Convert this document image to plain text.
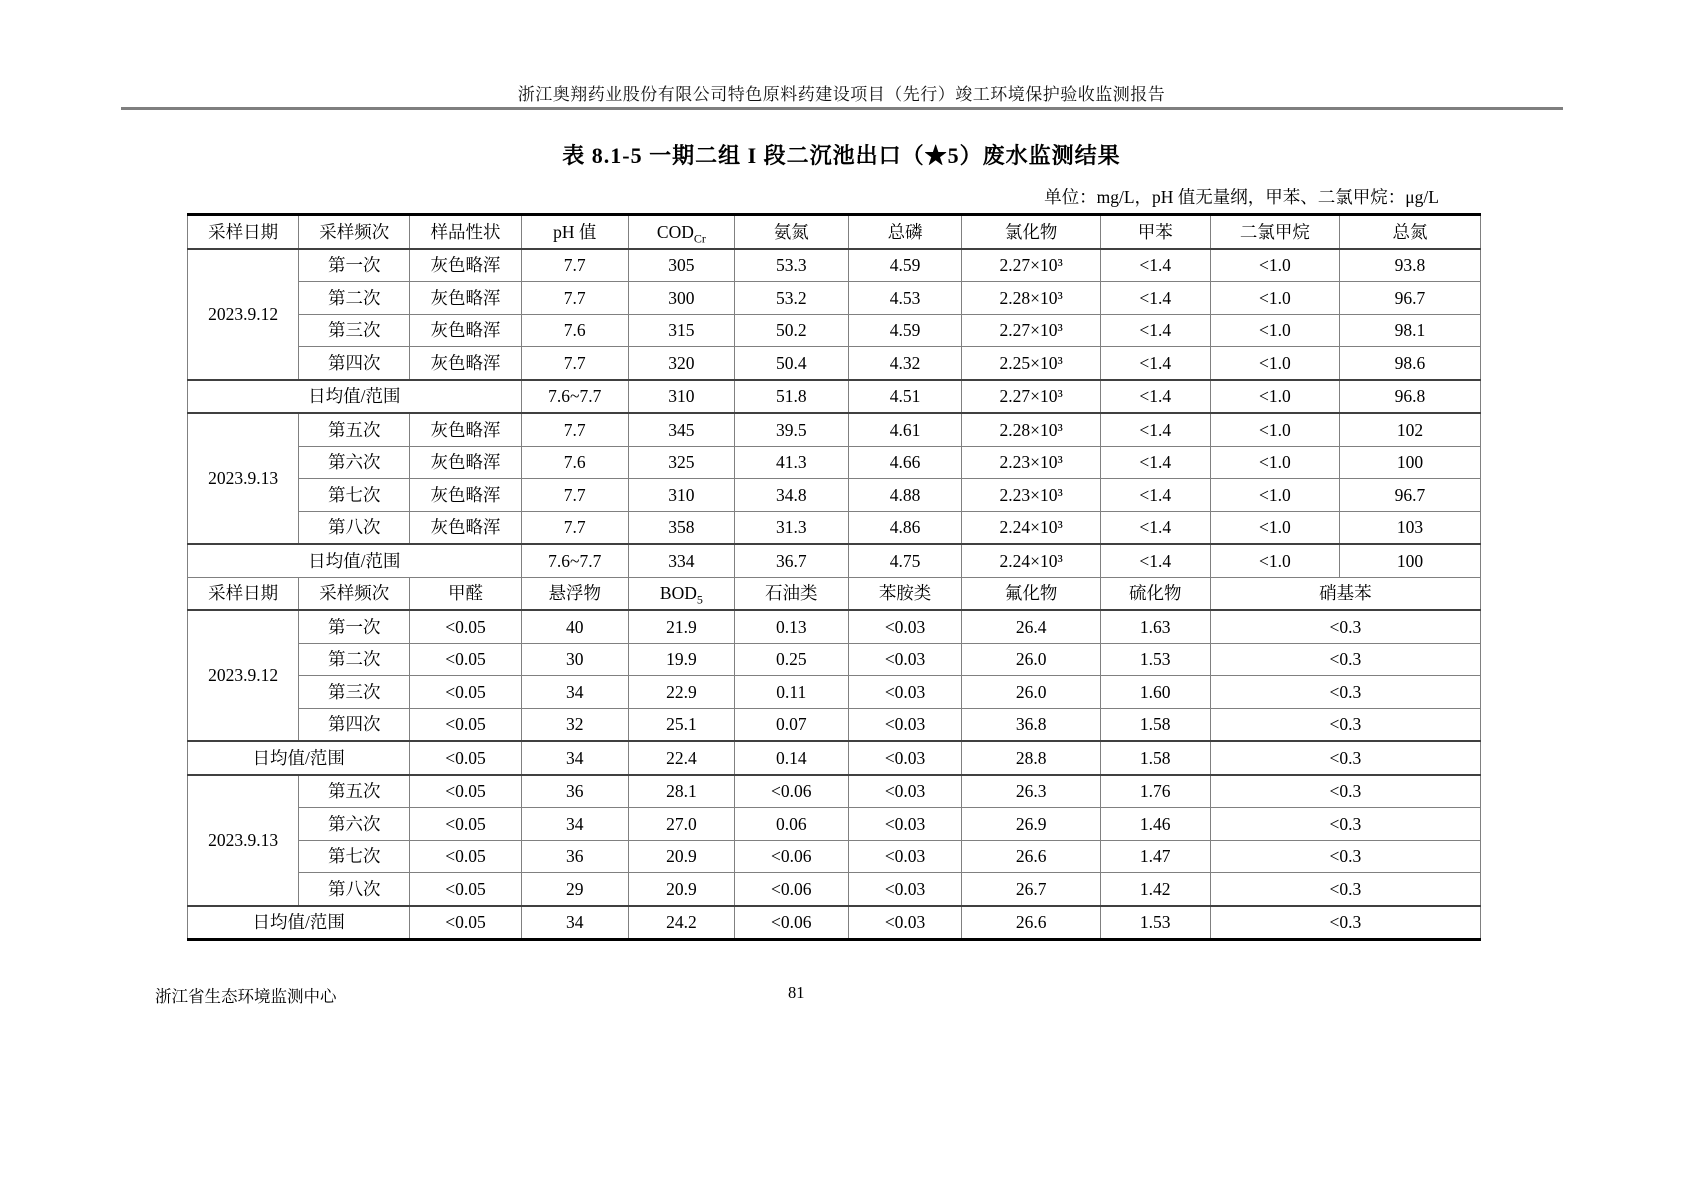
浙江奥翔药业股份有限公司特色原料药建设项目（先行）竣工环境保护验收监测报告
表 8.1-5 一期二组 I 段二沉池出口（★5）废水监测结果
单位：mg/L，pH 值无量纲，甲苯、二氯甲烷：μg/L
采样日期	采样频次	样品性状	pH 值	$COD_{Cr}$	氨氮	总磷	氯化物	甲苯	二氯甲烷	总氮
2023.9.12	第一次	灰色略浑	7.7	305	53.3	4.59	2.27×10³	<1.4	<1.0	93.8
	第二次	灰色略浑	7.7	300	53.2	4.53	2.28×10³	<1.4	<1.0	96.7
	第三次	灰色略浑	7.6	315	50.2	4.59	2.27×10³	<1.4	<1.0	98.1
	第四次	灰色略浑	7.7	320	50.4	4.32	2.25×10³	<1.4	<1.0	98.6
日均值/范围			7.6~7.7	310	51.8	4.51	2.27×10³	<1.4	<1.0	96.8
2023.9.13	第五次	灰色略浑	7.7	345	39.5	4.61	2.28×10³	<1.4	<1.0	102
	第六次	灰色略浑	7.6	325	41.3	4.66	2.23×10³	<1.4	<1.0	100
	第七次	灰色略浑	7.7	310	34.8	4.88	2.23×10³	<1.4	<1.0	96.7
	第八次	灰色略浑	7.7	358	31.3	4.86	2.24×10³	<1.4	<1.0	103
日均值/范围			7.6~7.7	334	36.7	4.75	2.24×10³	<1.4	<1.0	100
采样日期	采样频次	甲醛	悬浮物	$BOD_5$	石油类	苯胺类	氟化物	硫化物	硝基苯
2023.9.12	第一次	<0.05	40	21.9	0.13	<0.03	26.4	1.63	<0.3
	第二次	<0.05	30	19.9	0.25	<0.03	26.0	1.53	<0.3
	第三次	<0.05	34	22.9	0.11	<0.03	26.0	1.60	<0.3
	第四次	<0.05	32	25.1	0.07	<0.03	36.8	1.58	<0.3
日均值/范围		<0.05	34	22.4	0.14	<0.03	28.8	1.58	<0.3
2023.9.13	第五次	<0.05	36	28.1	<0.06	<0.03	26.3	1.76	<0.3
	第六次	<0.05	34	27.0	0.06	<0.03	26.9	1.46	<0.3
	第七次	<0.05	36	20.9	<0.06	<0.03	26.6	1.47	<0.3
	第八次	<0.05	29	20.9	<0.06	<0.03	26.7	1.42	<0.3
日均值/范围		<0.05	34	24.2	<0.06	<0.03	26.6	1.53	<0.3
浙江省生态环境监测中心	81
